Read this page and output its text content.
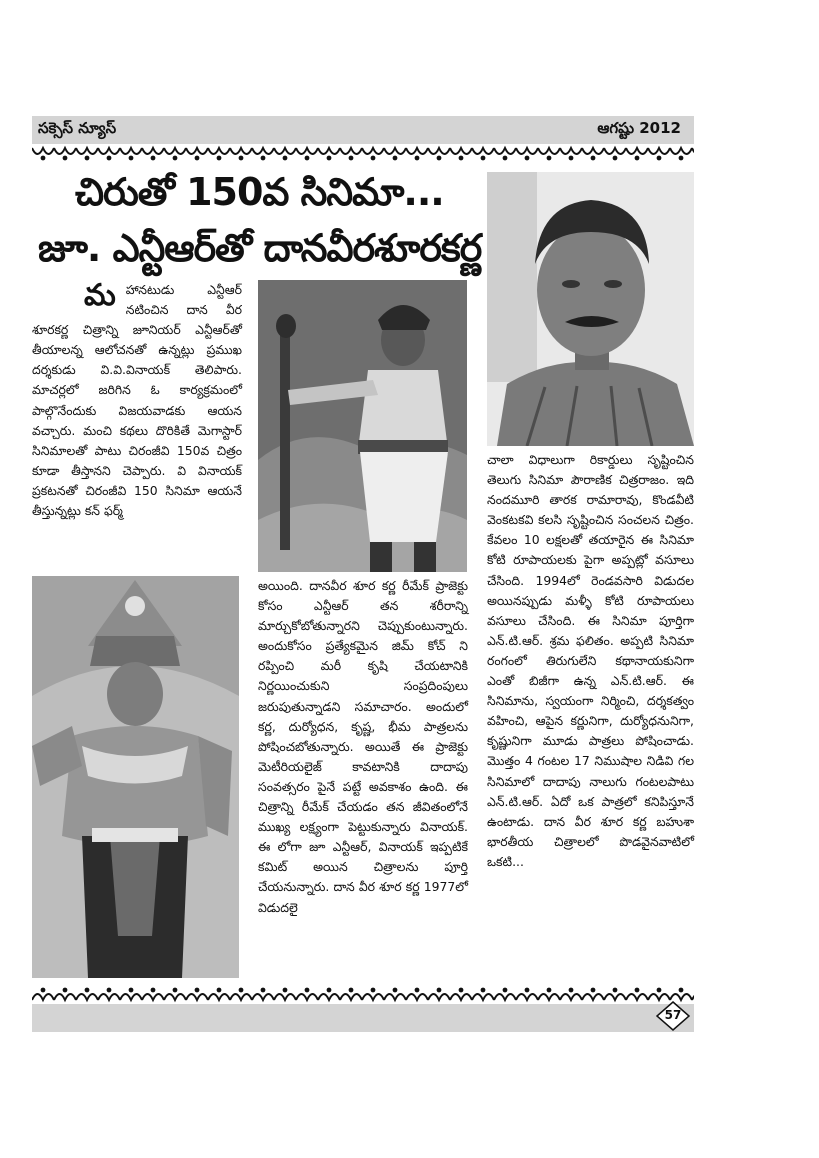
సక్సెస్ న్యూస్	ఆగష్టు 2012
చిరుతో 150వ సినిమా...
జూ. ఎన్టీఆర్‌తో దానవీరశూరకర్ణ
మ హానటుడు ఎన్టీఆర్ నటించిన దాన వీర శూరకర్ణ చిత్రాన్ని జూనియర్ ఎన్టీఆర్‌తో తీయాలన్న ఆలోచనతో ఉన్నట్లు ప్రముఖ దర్శకుడు వి.వి.వినాయక్ తెలిపారు. మాచర్లలో జరిగిన ఓ కార్యక్రమంలో పాల్గొనేందుకు విజయవాడకు ఆయన వచ్చారు. మంచి కథలు దొరికితే మెగాస్టార్ సినిమాలతో పాటు చిరంజీవి 150వ చిత్రం కూడా తీస్తానని చెప్పారు. వి వినాయక్ ప్రకటనతో చిరంజీవి 150 సినిమా ఆయనే తీస్తున్నట్లు కన్ ఫర్మ్

అయింది. దానవీర శూర కర్ణ రీమేక్ ప్రాజెక్టు కోసం ఎన్టీఆర్ తన శరీరాన్ని మార్చుకోబోతున్నారని చెప్పుకుంటున్నారు. అందుకోసం ప్రత్యేకమైన జిమ్ కోచ్ ని రప్పించి మరీ కృషి చేయటానికి నిర్ణయించుకుని సంప్రదింపులు జరుపుతున్నాడని సమాచారం. అందులో కర్ణ, దుర్యోధన, కృష్ణ, భీమ పాత్రలను పోషించబోతున్నారు. అయితే ఈ ప్రాజెక్టు మెటీరియలైజ్ కావటానికి దాదాపు సంవత్సరం పైనే పట్టే అవకాశం ఉంది. ఈ చిత్రాన్ని రీమేక్ చేయడం తన జీవితంలోనే ముఖ్య లక్ష్యంగా పెట్టుకున్నారు వినాయక్. ఈ లోగా జూ ఎన్టీఆర్, వినాయక్ ఇప్పటికే కమిట్ అయిన చిత్రాలను పూర్తి చేయనున్నారు. దాన వీర శూర కర్ణ 1977లో విడుదలై

చాలా విధాలుగా రికార్డులు సృష్టించిన తెలుగు సినిమా పౌరాణిక చిత్రరాజం. ఇది నందమూరి తారక రామారావు, కొండవీటి వెంకటకవి కలసి సృష్టించిన సంచలన చిత్రం. కేవలం 10 లక్షలతో తయారైన ఈ సినిమా కోటి రూపాయలకు పైగా అప్పట్లో వసూలు చేసింది. 1994లో రెండవసారి విడుదల అయినప్పుడు మళ్ళీ కోటి రూపాయలు వసూలు చేసింది. ఈ సినిమా పూర్తిగా ఎన్.టి.ఆర్. శ్రమ ఫలితం. అప్పటి సినిమా రంగంలో తిరుగులేని కథానాయకునిగా ఎంతో బిజీగా ఉన్న ఎన్.టి.ఆర్. ఈ సినిమాను, స్వయంగా నిర్మించి, దర్శకత్వం వహించి, ఆపైన కర్ణునిగా, దుర్యోధనునిగా, కృష్ణునిగా మూడు పాత్రలు పోషించాడు. మొత్తం 4 గంటల 17 నిముషాల నిడివి గల సినిమాలో దాదాపు నాలుగు గంటలపాటు ఎన్.టి.ఆర్. ఏదో ఒక పాత్రలో కనిపిస్తూనే ఉంటాడు. దాన వీర శూర కర్ణ బహుశా భారతీయ చిత్రాలలో పొడవైనవాటిలో ఒకటి...

57
